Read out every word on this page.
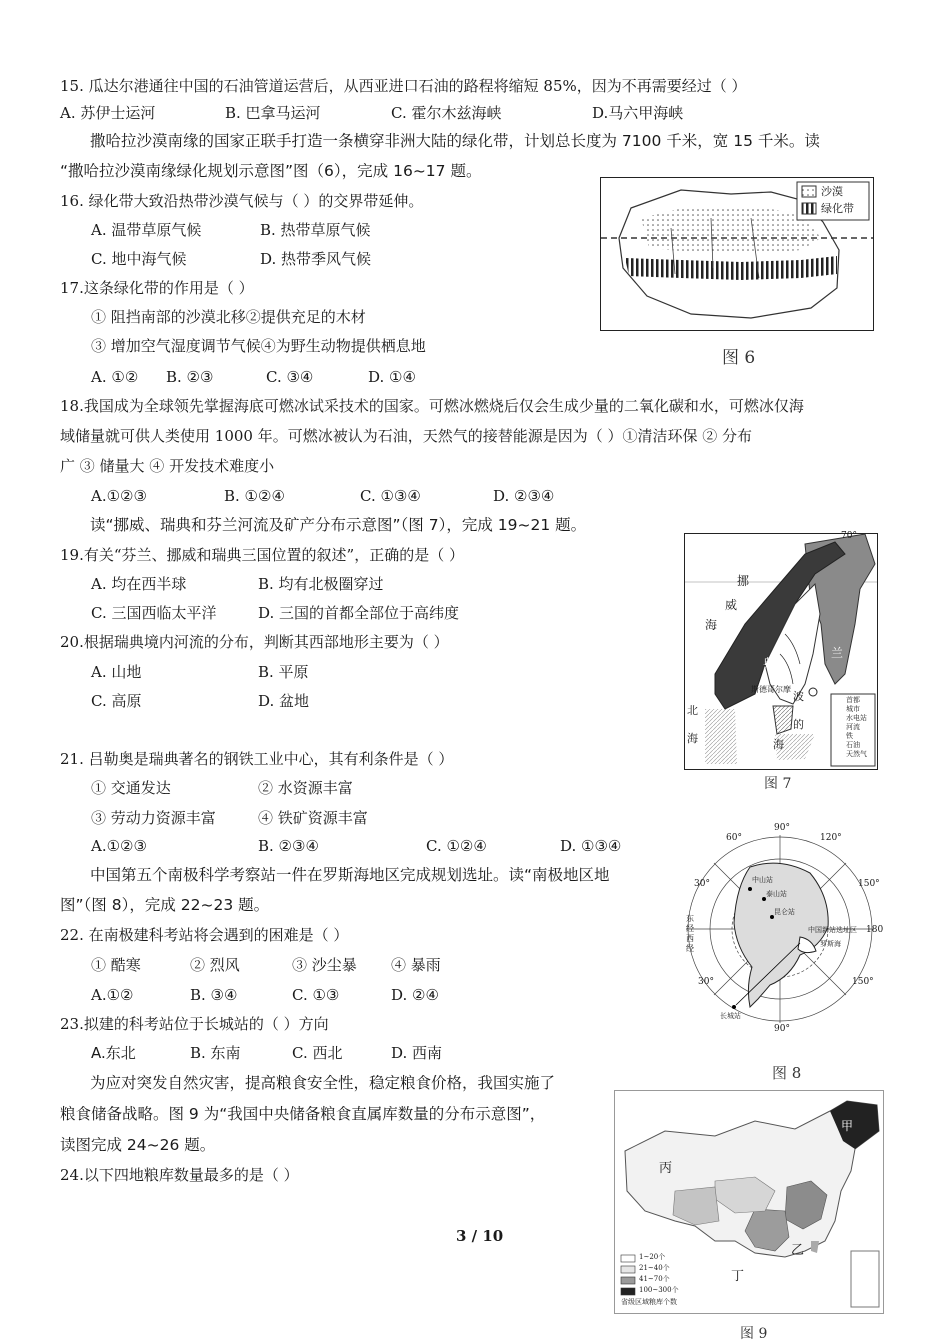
15. 瓜达尔港通往中国的石油管道运营后，从西亚进口石油的路程将缩短 85%，因为不再需要经过（ ）
A. 苏伊士运河	B. 巴拿马运河	C. 霍尔木兹海峡	D.马六甲海峡
撒哈拉沙漠南缘的国家正联手打造一条横穿非洲大陆的绿化带，计划总长度为 7100 千米，宽 15 千米。读
“撒哈拉沙漠南缘绿化规划示意图”图（6），完成 16~17 题。
16. 绿化带大致沿热带沙漠气候与（ ）的交界带延伸。
A. 温带草原气候	B. 热带草原气候
C. 地中海气候	D. 热带季风气候
17.这条绿化带的作用是（ ）
① 阻挡南部的沙漠北移②提供充足的木材
③ 增加空气湿度调节气候④为野生动物提供栖息地
A. ①② B. ②③	C. ③④	D. ①④
沙漠
绿化带
图 6
18.我国成为全球领先掌握海底可燃冰试采技术的国家。可燃冰燃烧后仅会生成少量的二氧化碳和水，可燃冰仅海
域储量就可供人类使用 1000 年。可燃冰被认为石油，天然气的接替能源是因为（ ）①清洁环保 ② 分布
广 ③ 储量大 ④ 开发技术难度小
A.①②③	B. ①②④	C. ①③④	D. ②③④
读“挪威、瑞典和芬兰河流及矿产分布示意图”（图 7），完成 19~21 题。
19.有关“芬兰、挪威和瑞典三国位置的叙述”，正确的是（ ）
A. 均在西半球	B. 均有北极圈穿过
C. 三国西临太平洋	D. 三国的首都全部位于高纬度
20.根据瑞典境内河流的分布，判断其西部地形主要为（ ）
A. 山地	B. 平原
C. 高原	D. 盆地
70°
挪
威
海
典
兰
斯德哥尔摩
北
海
波
的
海
首都
城市
水电站
河流
铁
石油
天然气
图 7
21. 吕勒奥是瑞典著名的钢铁工业中心，其有利条件是（ ）
① 交通发达	② 水资源丰富
③ 劳动力资源丰富	④ 铁矿资源丰富
A.①②③	B. ②③④	C. ①②④	D. ①③④
中国第五个南极科学考察站一件在罗斯海地区完成规划选址。读“南极地区地
图”（图 8），完成 22~23 题。
90°
120°
150°
180
150°
90°
60°
30°
30°
东
经
西
经
中山站
泰山站
昆仑站
中国新站选址区
罗斯海
长城站
图 8
22. 在南极建科考站将会遇到的困难是（ ）
① 酷寒	② 烈风	③ 沙尘暴 ④ 暴雨
A.①②	B. ③④	C. ①③	D. ②④
23.拟建的科考站位于长城站的（ ）方向
A.东北	B. 东南	C. 西北	D. 西南
为应对突发自然灾害，提高粮食安全性，稳定粮食价格，我国实施了
粮食储备战略。图 9 为“我国中央储备粮食直属库数量的分布示意图”，
读图完成 24~26 题。
24.以下四地粮库数量最多的是（ ）	丙
甲
乙
丁
1~20个
21~40个
41~70个
100~300个
省级区域粮库个数
图 9
3 / 10
